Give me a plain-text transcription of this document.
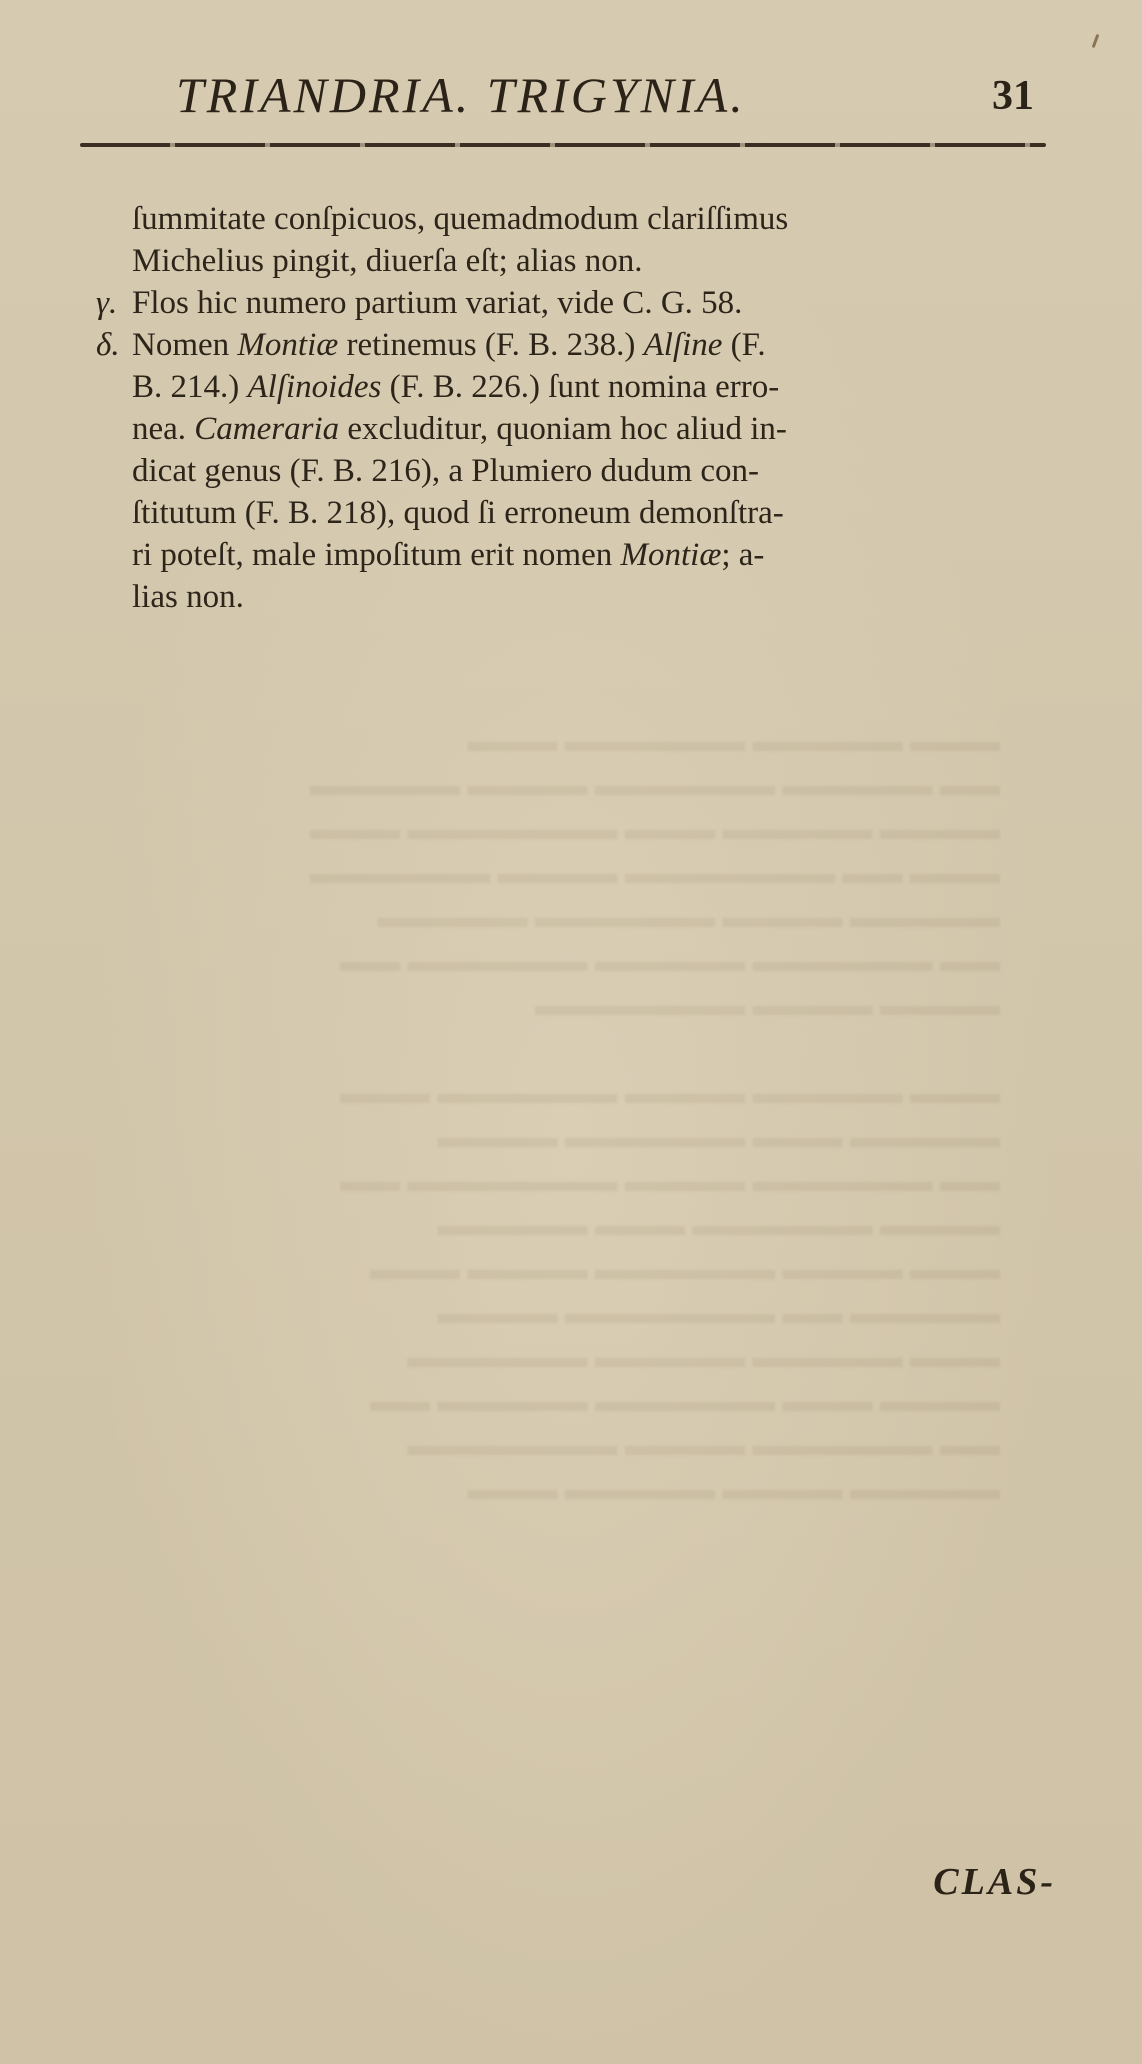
▬▬▬ ▬▬▬▬▬ ▬▬▬▬▬▬ ▬▬▬
▬▬ ▬▬▬▬▬ ▬▬▬▬▬▬ ▬▬▬▬ ▬▬▬▬▬
▬▬▬▬ ▬▬▬▬▬ ▬▬▬ ▬▬▬▬▬▬▬ ▬▬▬
▬▬▬ ▬▬ ▬▬▬▬▬▬▬ ▬▬▬▬ ▬▬▬▬▬▬
▬▬▬▬▬ ▬▬▬▬ ▬▬▬▬▬▬ ▬▬▬▬▬
▬▬ ▬▬▬▬▬▬ ▬▬▬▬▬ ▬▬▬▬▬▬ ▬▬
▬▬▬▬ ▬▬▬▬ ▬▬▬▬▬▬▬

▬▬▬ ▬▬▬▬▬ ▬▬▬▬ ▬▬▬▬▬▬ ▬▬▬
▬▬▬▬▬ ▬▬▬ ▬▬▬▬▬▬ ▬▬▬▬
▬▬ ▬▬▬▬▬▬ ▬▬▬▬ ▬▬▬▬▬▬▬ ▬▬
▬▬▬▬ ▬▬▬▬▬▬ ▬▬▬ ▬▬▬▬▬
▬▬▬ ▬▬▬▬ ▬▬▬▬▬▬ ▬▬▬▬ ▬▬▬
▬▬▬▬▬ ▬▬ ▬▬▬▬▬▬▬ ▬▬▬▬
▬▬▬ ▬▬▬▬▬ ▬▬▬▬▬ ▬▬▬▬▬▬
▬▬▬▬ ▬▬▬ ▬▬▬▬▬▬ ▬▬▬▬▬ ▬▬
▬▬ ▬▬▬▬▬▬ ▬▬▬▬ ▬▬▬▬▬▬▬
▬▬▬▬▬ ▬▬▬▬ ▬▬▬▬▬ ▬▬▬
TRIANDRIA. TRIGYNIA.	31
ſummitate conſpicuos, quemadmodum clariſſimus
Michelius pingit, diuerſa eſt; alias non.
γ. Flos hic numero partium variat, vide C. G. 58.
δ. Nomen Montiæ retinemus (F. B. 238.) Alſine (F.
B. 214.) Alſinoides (F. B. 226.) ſunt nomina erro-
nea. Cameraria excluditur, quoniam hoc aliud in-
dicat genus (F. B. 216), a Plumiero dudum con-
ſtitutum (F. B. 218), quod ſi erroneum demonſtra-
ri poteſt, male impoſitum erit nomen Montiæ; a-
lias non.
CLAS-
